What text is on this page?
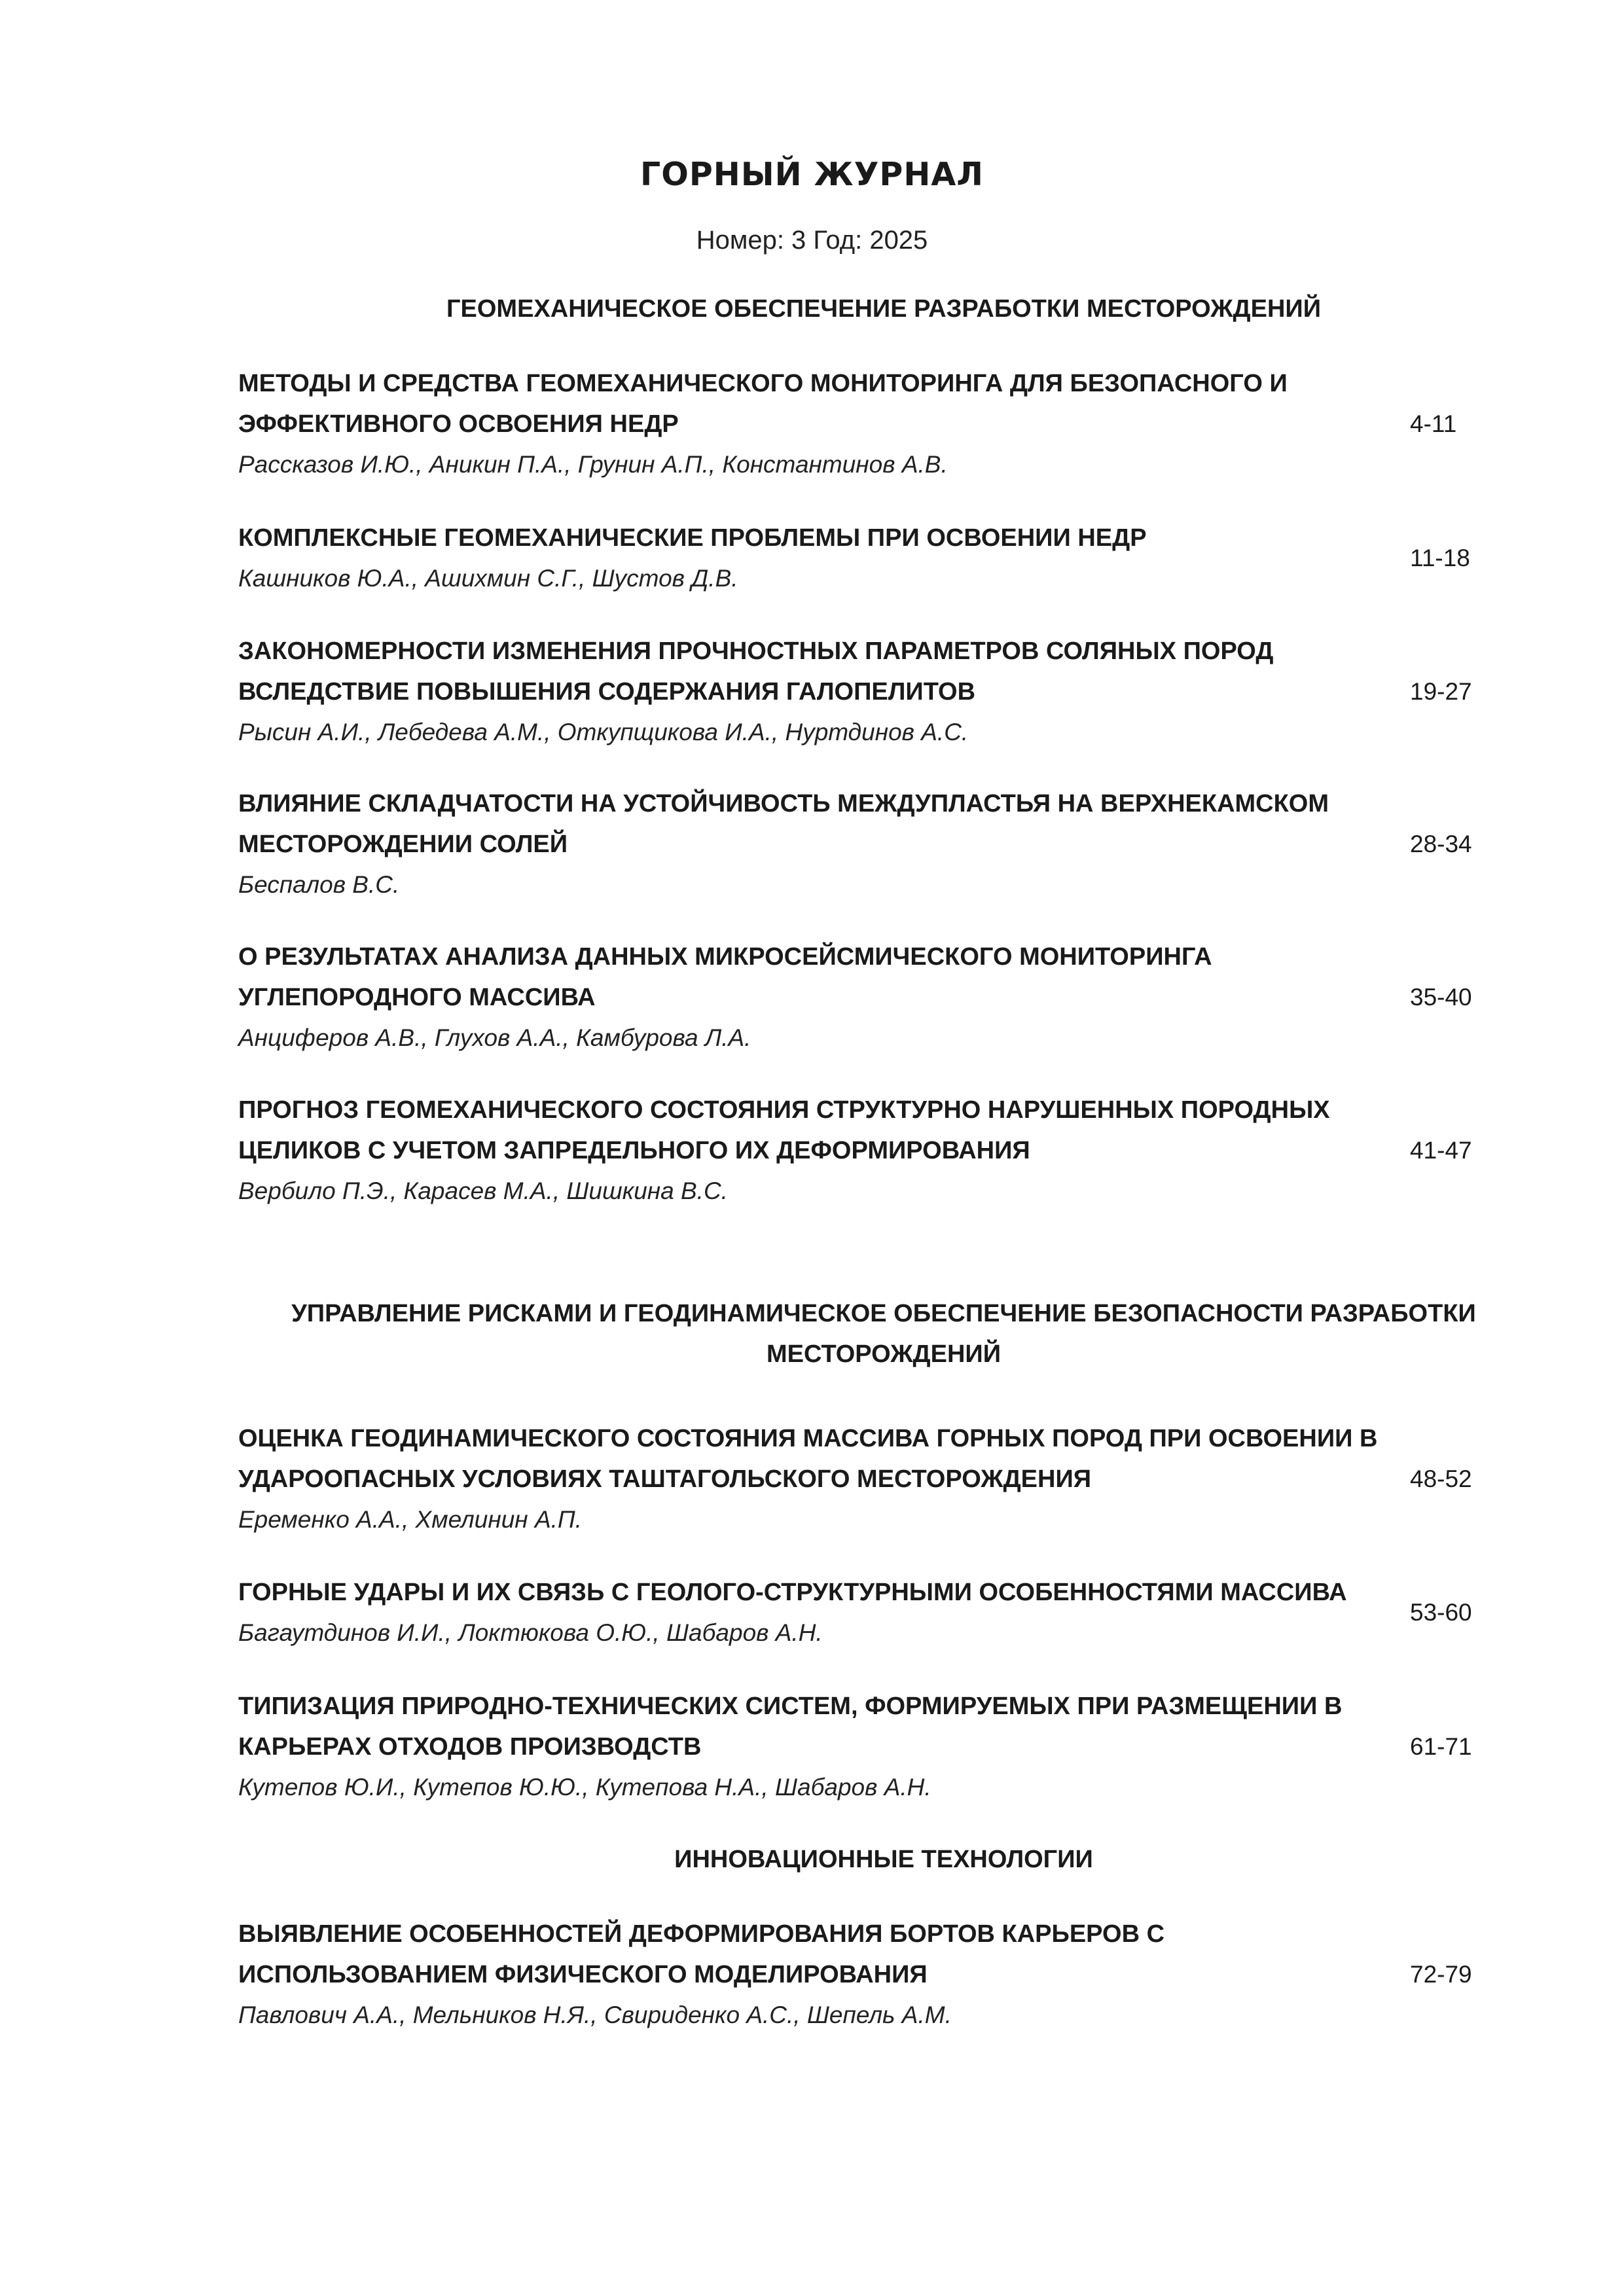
ГОРНЫЙ ЖУРНАЛ
Номер: 3 Год: 2025
ГЕОМЕХАНИЧЕСКОЕ ОБЕСПЕЧЕНИЕ РАЗРАБОТКИ МЕСТОРОЖДЕНИЙ
МЕТОДЫ И СРЕДСТВА ГЕОМЕХАНИЧЕСКОГО МОНИТОРИНГА ДЛЯ БЕЗОПАСНОГО И ЭФФЕКТИВНОГО ОСВОЕНИЯ НЕДР
Рассказов И.Ю., Аникин П.А., Грунин А.П., Константинов А.В.
4-11
КОМПЛЕКСНЫЕ ГЕОМЕХАНИЧЕСКИЕ ПРОБЛЕМЫ ПРИ ОСВОЕНИИ НЕДР
Кашников Ю.А., Ашихмин С.Г., Шустов Д.В.
11-18
ЗАКОНОМЕРНОСТИ ИЗМЕНЕНИЯ ПРОЧНОСТНЫХ ПАРАМЕТРОВ СОЛЯНЫХ ПОРОД ВСЛЕДСТВИЕ ПОВЫШЕНИЯ СОДЕРЖАНИЯ ГАЛОПЕЛИТОВ
Рысин А.И., Лебедева А.М., Откупщикова И.А., Нуртдинов А.С.
19-27
ВЛИЯНИЕ СКЛАДЧАТОСТИ НА УСТОЙЧИВОСТЬ МЕЖДУПЛАСТЬЯ НА ВЕРХНЕКАМСКОМ МЕСТОРОЖДЕНИИ СОЛЕЙ
Беспалов В.С.
28-34
О РЕЗУЛЬТАТАХ АНАЛИЗА ДАННЫХ МИКРОСЕЙСМИЧЕСКОГО МОНИТОРИНГА УГЛЕПОРОДНОГО МАССИВА
Анциферов А.В., Глухов А.А., Камбурова Л.А.
35-40
ПРОГНОЗ ГЕОМЕХАНИЧЕСКОГО СОСТОЯНИЯ СТРУКТУРНО НАРУШЕННЫХ ПОРОДНЫХ ЦЕЛИКОВ С УЧЕТОМ ЗАПРЕДЕЛЬНОГО ИХ ДЕФОРМИРОВАНИЯ
Вербило П.Э., Карасев М.А., Шишкина В.С.
41-47
УПРАВЛЕНИЕ РИСКАМИ И ГЕОДИНАМИЧЕСКОЕ ОБЕСПЕЧЕНИЕ БЕЗОПАСНОСТИ РАЗРАБОТКИ МЕСТОРОЖДЕНИЙ
ОЦЕНКА ГЕОДИНАМИЧЕСКОГО СОСТОЯНИЯ МАССИВА ГОРНЫХ ПОРОД ПРИ ОСВОЕНИИ В УДАРООПАСНЫХ УСЛОВИЯХ ТАШТАГОЛЬСКОГО МЕСТОРОЖДЕНИЯ
Еременко А.А., Хмелинин А.П.
48-52
ГОРНЫЕ УДАРЫ И ИХ СВЯЗЬ С ГЕОЛОГО-СТРУКТУРНЫМИ ОСОБЕННОСТЯМИ МАССИВА
Багаутдинов И.И., Локтюкова О.Ю., Шабаров А.Н.
53-60
ТИПИЗАЦИЯ ПРИРОДНО-ТЕХНИЧЕСКИХ СИСТЕМ, ФОРМИРУЕМЫХ ПРИ РАЗМЕЩЕНИИ В КАРЬЕРАХ ОТХОДОВ ПРОИЗВОДСТВ
Кутепов Ю.И., Кутепов Ю.Ю., Кутепова Н.А., Шабаров А.Н.
61-71
ИННОВАЦИОННЫЕ ТЕХНОЛОГИИ
ВЫЯВЛЕНИЕ ОСОБЕННОСТЕЙ ДЕФОРМИРОВАНИЯ БОРТОВ КАРЬЕРОВ С ИСПОЛЬЗОВАНИЕМ ФИЗИЧЕСКОГО МОДЕЛИРОВАНИЯ
Павлович А.А., Мельников Н.Я., Свириденко А.С., Шепель А.М.
72-79
